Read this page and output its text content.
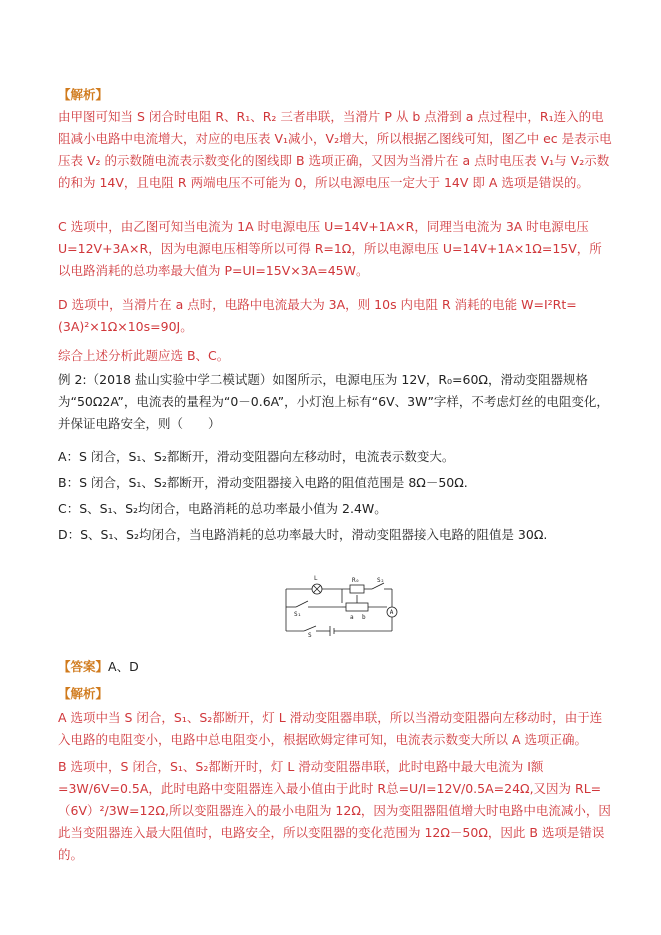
【解析】

由甲图可知当 S 闭合时电阻 R、R₁、R₂ 三者串联，当滑片 P 从 b 点滑到 a 点过程中，R₁连入的电阻减小电路中电流增大，对应的电压表 V₁减小，V₂增大，所以根据乙图线可知，图乙中 ec 是表示电压表 V₂ 的示数随电流表示数变化的图线即 B 选项正确，又因为当滑片在 a 点时电压表 V₁与 V₂示数的和为 14V，且电阻 R 两端电压不可能为 0，所以电源电压一定大于 14V 即 A 选项是错误的。

C 选项中，由乙图可知当电流为 1A 时电源电压 U=14V+1A×R，同理当电流为 3A 时电源电压 U=12V+3A×R，因为电源电压相等所以可得 R=1Ω，所以电源电压 U=14V+1A×1Ω=15V，所以电路消耗的总功率最大值为 P=UI=15V×3A=45W。

D 选项中，当滑片在 a 点时，电路中电流最大为 3A，则 10s 内电阻 R 消耗的电能 W=I²Rt=(3A)²×1Ω×10s=90J。

综合上述分析此题应选 B、C。

例 2:（2018 盐山实验中学二模试题）如图所示，电源电压为 12V，R₀=60Ω，滑动变阻器规格为“50Ω2A”，电流表的量程为“0－0.6A”，小灯泡上标有“6V、3W”字样，不考虑灯丝的电阻变化，并保证电路安全，则（　　）

A：S 闭合，S₁、S₂都断开，滑动变阻器向左移动时，电流表示数变大。

B：S 闭合，S₁、S₂都断开，滑动变阻器接入电路的阻值范围是 8Ω－50Ω.

C：S、S₁、S₂均闭合，电路消耗的总功率最小值为 2.4W。

D：S、S₁、S₂均闭合，当电路消耗的总功率最大时，滑动变阻器接入电路的阻值是 30Ω.

L	R₀	S₂
S₁
S
a b
A
【答案】A、D
【解析】

A 选项中当 S 闭合，S₁、S₂都断开，灯 L 滑动变阻器串联，所以当滑动变阻器向左移动时，由于连入电路的电阻变小，电路中总电阻变小，根据欧姆定律可知，电流表示数变大所以 A 选项正确。

B 选项中，S 闭合，S₁、S₂都断开时，灯 L 滑动变阻器串联，此时电路中最大电流为 I额=3W/6V=0.5A，此时电路中变阻器连入最小值由于此时 R总=U/I=12V/0.5A=24Ω,又因为 RL=（6V）²/3W=12Ω,所以变阻器连入的最小电阻为 12Ω，因为变阻器阻值增大时电路中电流减小，因此当变阻器连入最大阻值时，电路安全，所以变阻器的变化范围为 12Ω－50Ω，因此 B 选项是错误的。
